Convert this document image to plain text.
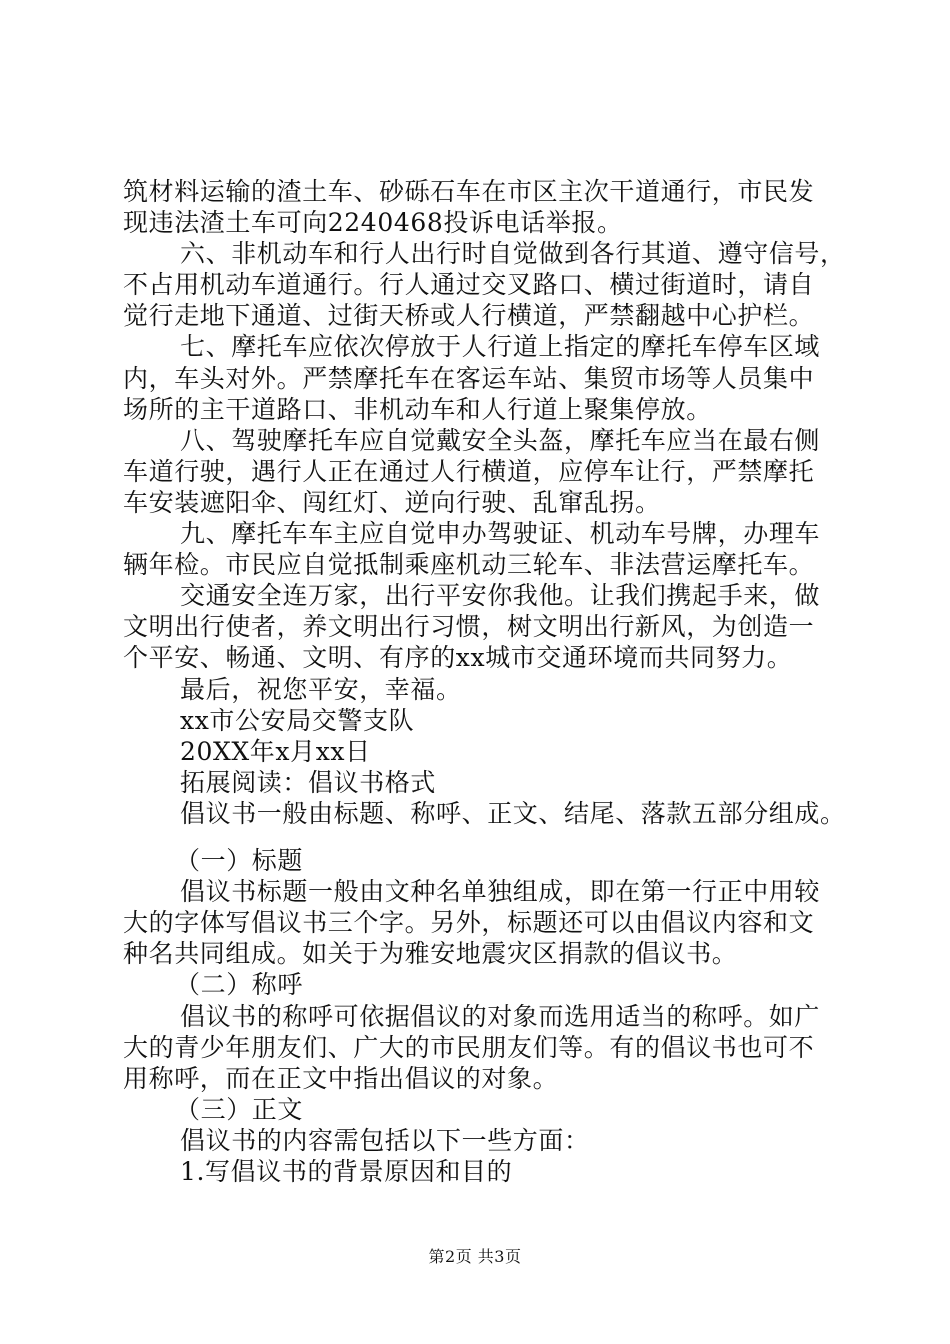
筑材料运输的渣土车、砂砾石车在市区主次干道通行，市民发
现违法渣土车可向2240468投诉电话举报。
六、非机动车和行人出行时自觉做到各行其道、遵守信号，
不占用机动车道通行。行人通过交叉路口、横过街道时，请自
觉行走地下通道、过街天桥或人行横道，严禁翻越中心护栏。
七、摩托车应依次停放于人行道上指定的摩托车停车区域
内，车头对外。严禁摩托车在客运车站、集贸市场等人员集中
场所的主干道路口、非机动车和人行道上聚集停放。
八、驾驶摩托车应自觉戴安全头盔，摩托车应当在最右侧
车道行驶，遇行人正在通过人行横道，应停车让行，严禁摩托
车安装遮阳伞、闯红灯、逆向行驶、乱窜乱拐。
九、摩托车车主应自觉申办驾驶证、机动车号牌，办理车
辆年检。市民应自觉抵制乘座机动三轮车、非法营运摩托车。
交通安全连万家，出行平安你我他。让我们携起手来，做
文明出行使者，养文明出行习惯，树文明出行新风，为创造一
个平安、畅通、文明、有序的xx城市交通环境而共同努力。
最后，祝您平安，幸福。
xx市公安局交警支队
20XX年x月xx日
拓展阅读：倡议书格式
倡议书一般由标题、称呼、正文、结尾、落款五部分组成。
（一）标题
倡议书标题一般由文种名单独组成，即在第一行正中用较
大的字体写倡议书三个字。另外，标题还可以由倡议内容和文
种名共同组成。如关于为雅安地震灾区捐款的倡议书。
（二）称呼
倡议书的称呼可依据倡议的对象而选用适当的称呼。如广
大的青少年朋友们、广大的市民朋友们等。有的倡议书也可不
用称呼，而在正文中指出倡议的对象。
（三）正文
倡议书的内容需包括以下一些方面：
1.写倡议书的背景原因和目的
第2页 共3页
